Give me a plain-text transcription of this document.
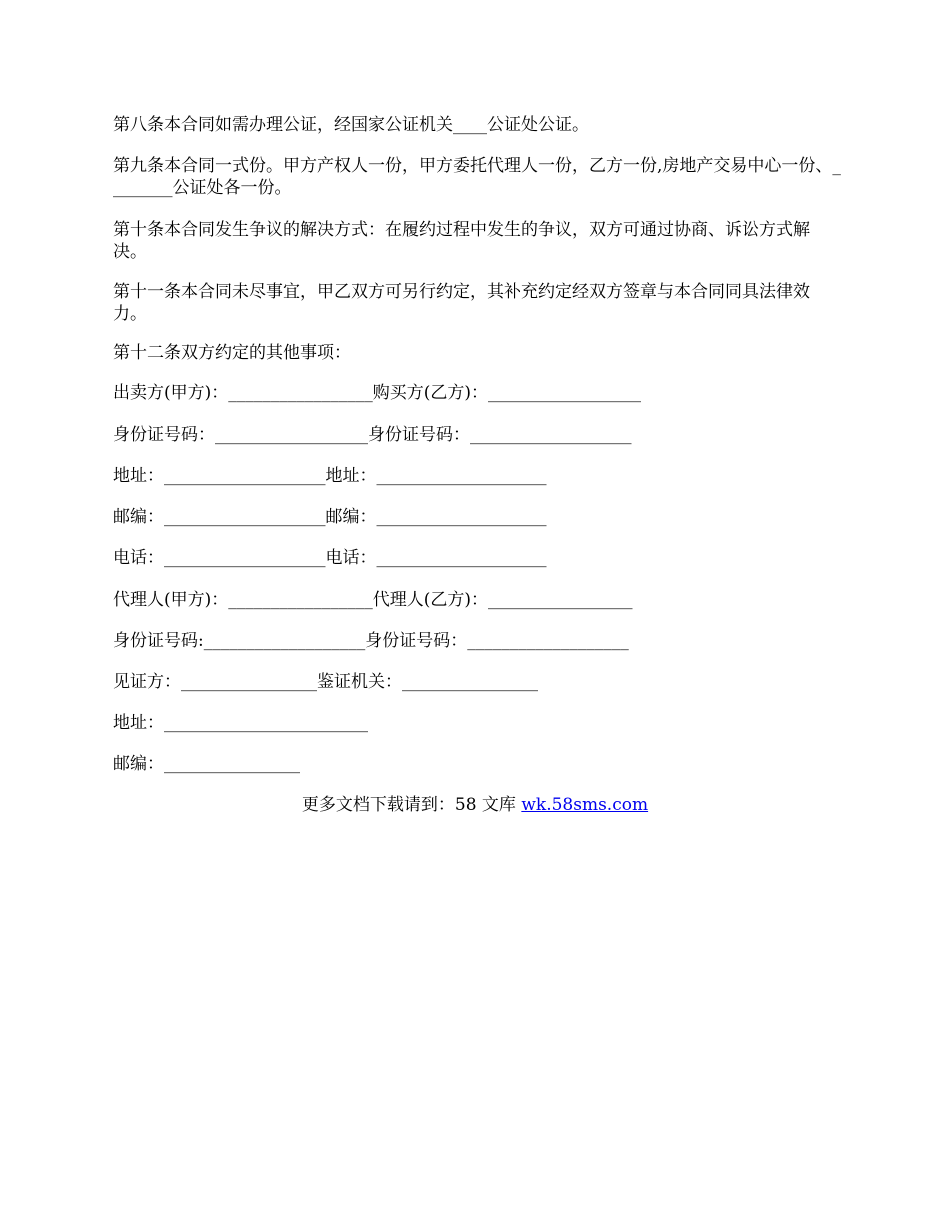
第八条本合同如需办理公证，经国家公证机关____公证处公证。

第九条本合同一式份。甲方产权人一份，甲方委托代理人一份，乙方一份,房地产交易中心一份、________公证处各一份。

第十条本合同发生争议的解决方式：在履约过程中发生的争议，双方可通过协商、诉讼方式解决。

第十一条本合同未尽事宜，甲乙双方可另行约定，其补充约定经双方签章与本合同同具法律效力。

第十二条双方约定的其他事项：

出卖方(甲方)：_________________购买方(乙方)：__________________

身份证号码：__________________身份证号码：___________________

地址：___________________地址：____________________

邮编：___________________邮编：____________________

电话：___________________电话：____________________

代理人(甲方)：_________________代理人(乙方)：_________________

身份证号码:___________________身份证号码：___________________

见证方：________________鉴证机关：________________

地址：________________________

邮编：________________

更多文档下载请到：58 文库 wk.58sms.com
